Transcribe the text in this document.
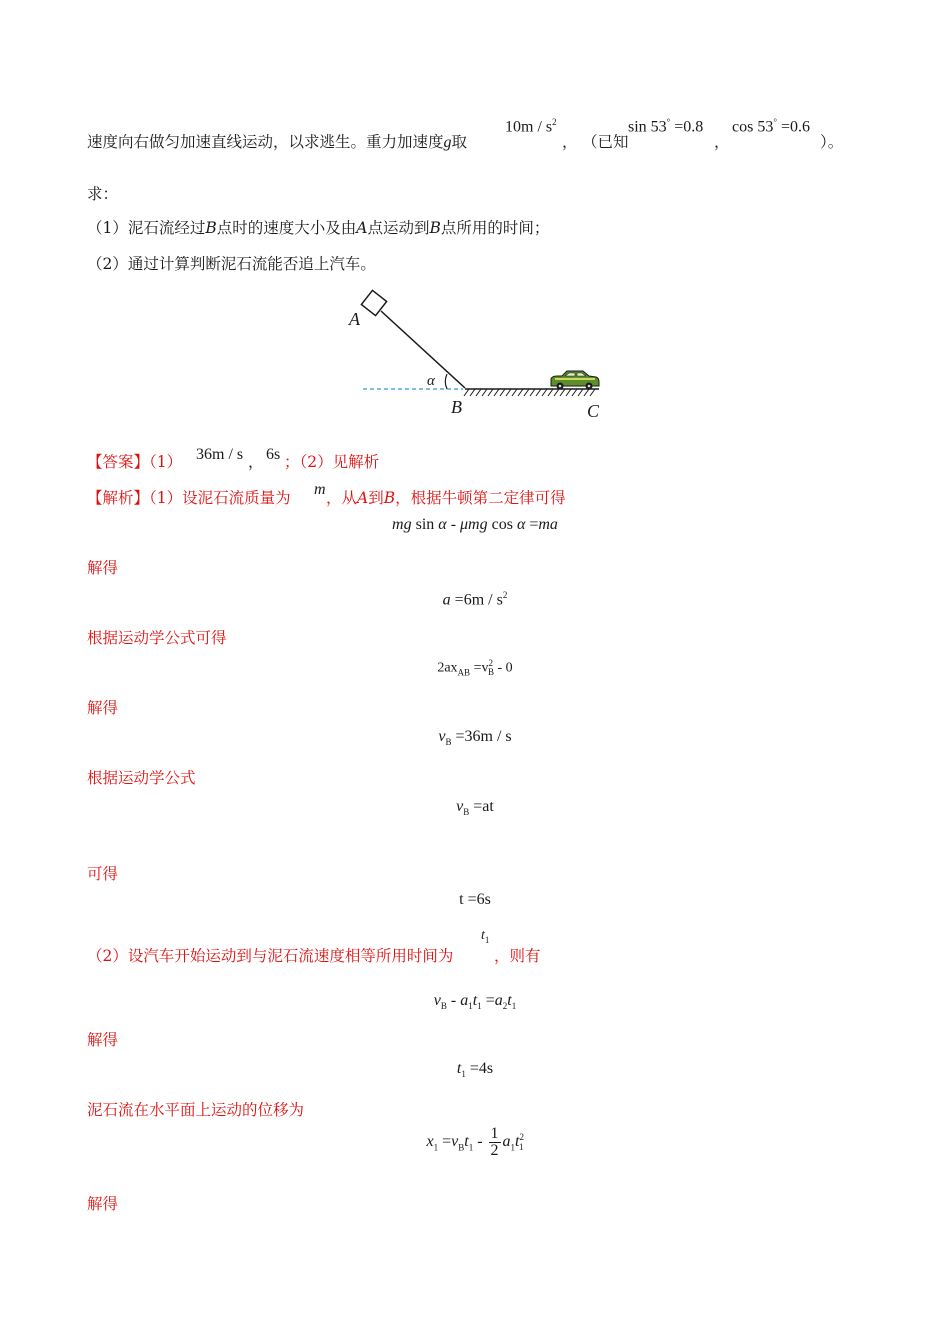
速度向右做匀加速直线运动，以求逃生。重力加速度g取
$10m / s^2$
， （已知
sin 53° =0.8
，
cos 53° =0.6
）。
求：
（1）泥石流经过B点时的速度大小及由A点运动到B点所用的时间；
（2）通过计算判断泥石流能否追上汽车。
A
α
B	C
【答案】（1） 36m / s ， 6s ；（2）见解析
【解析】（1）设泥石流质量为 m ，从A到B，根据牛顿第二定律可得
mg sin α - μmg cos α =ma
解得
$a =6m / s^2$
根据运动学公式可得
$2ax_{AB} =v^2_B - 0$
解得
$v_B =36m / s$
根据运动学公式
$v_B =at$
可得
t =6s
（2）设汽车开始运动到与泥石流速度相等所用时间为
$t_1$
，则有
$v_B - a_1t_1 =a_2t_1$
解得
$t_1 =4s$
泥石流在水平面上运动的位移为
$x_1 =v_Bt_1 - \frac{1}{2} a_1t^2_1$
解得
